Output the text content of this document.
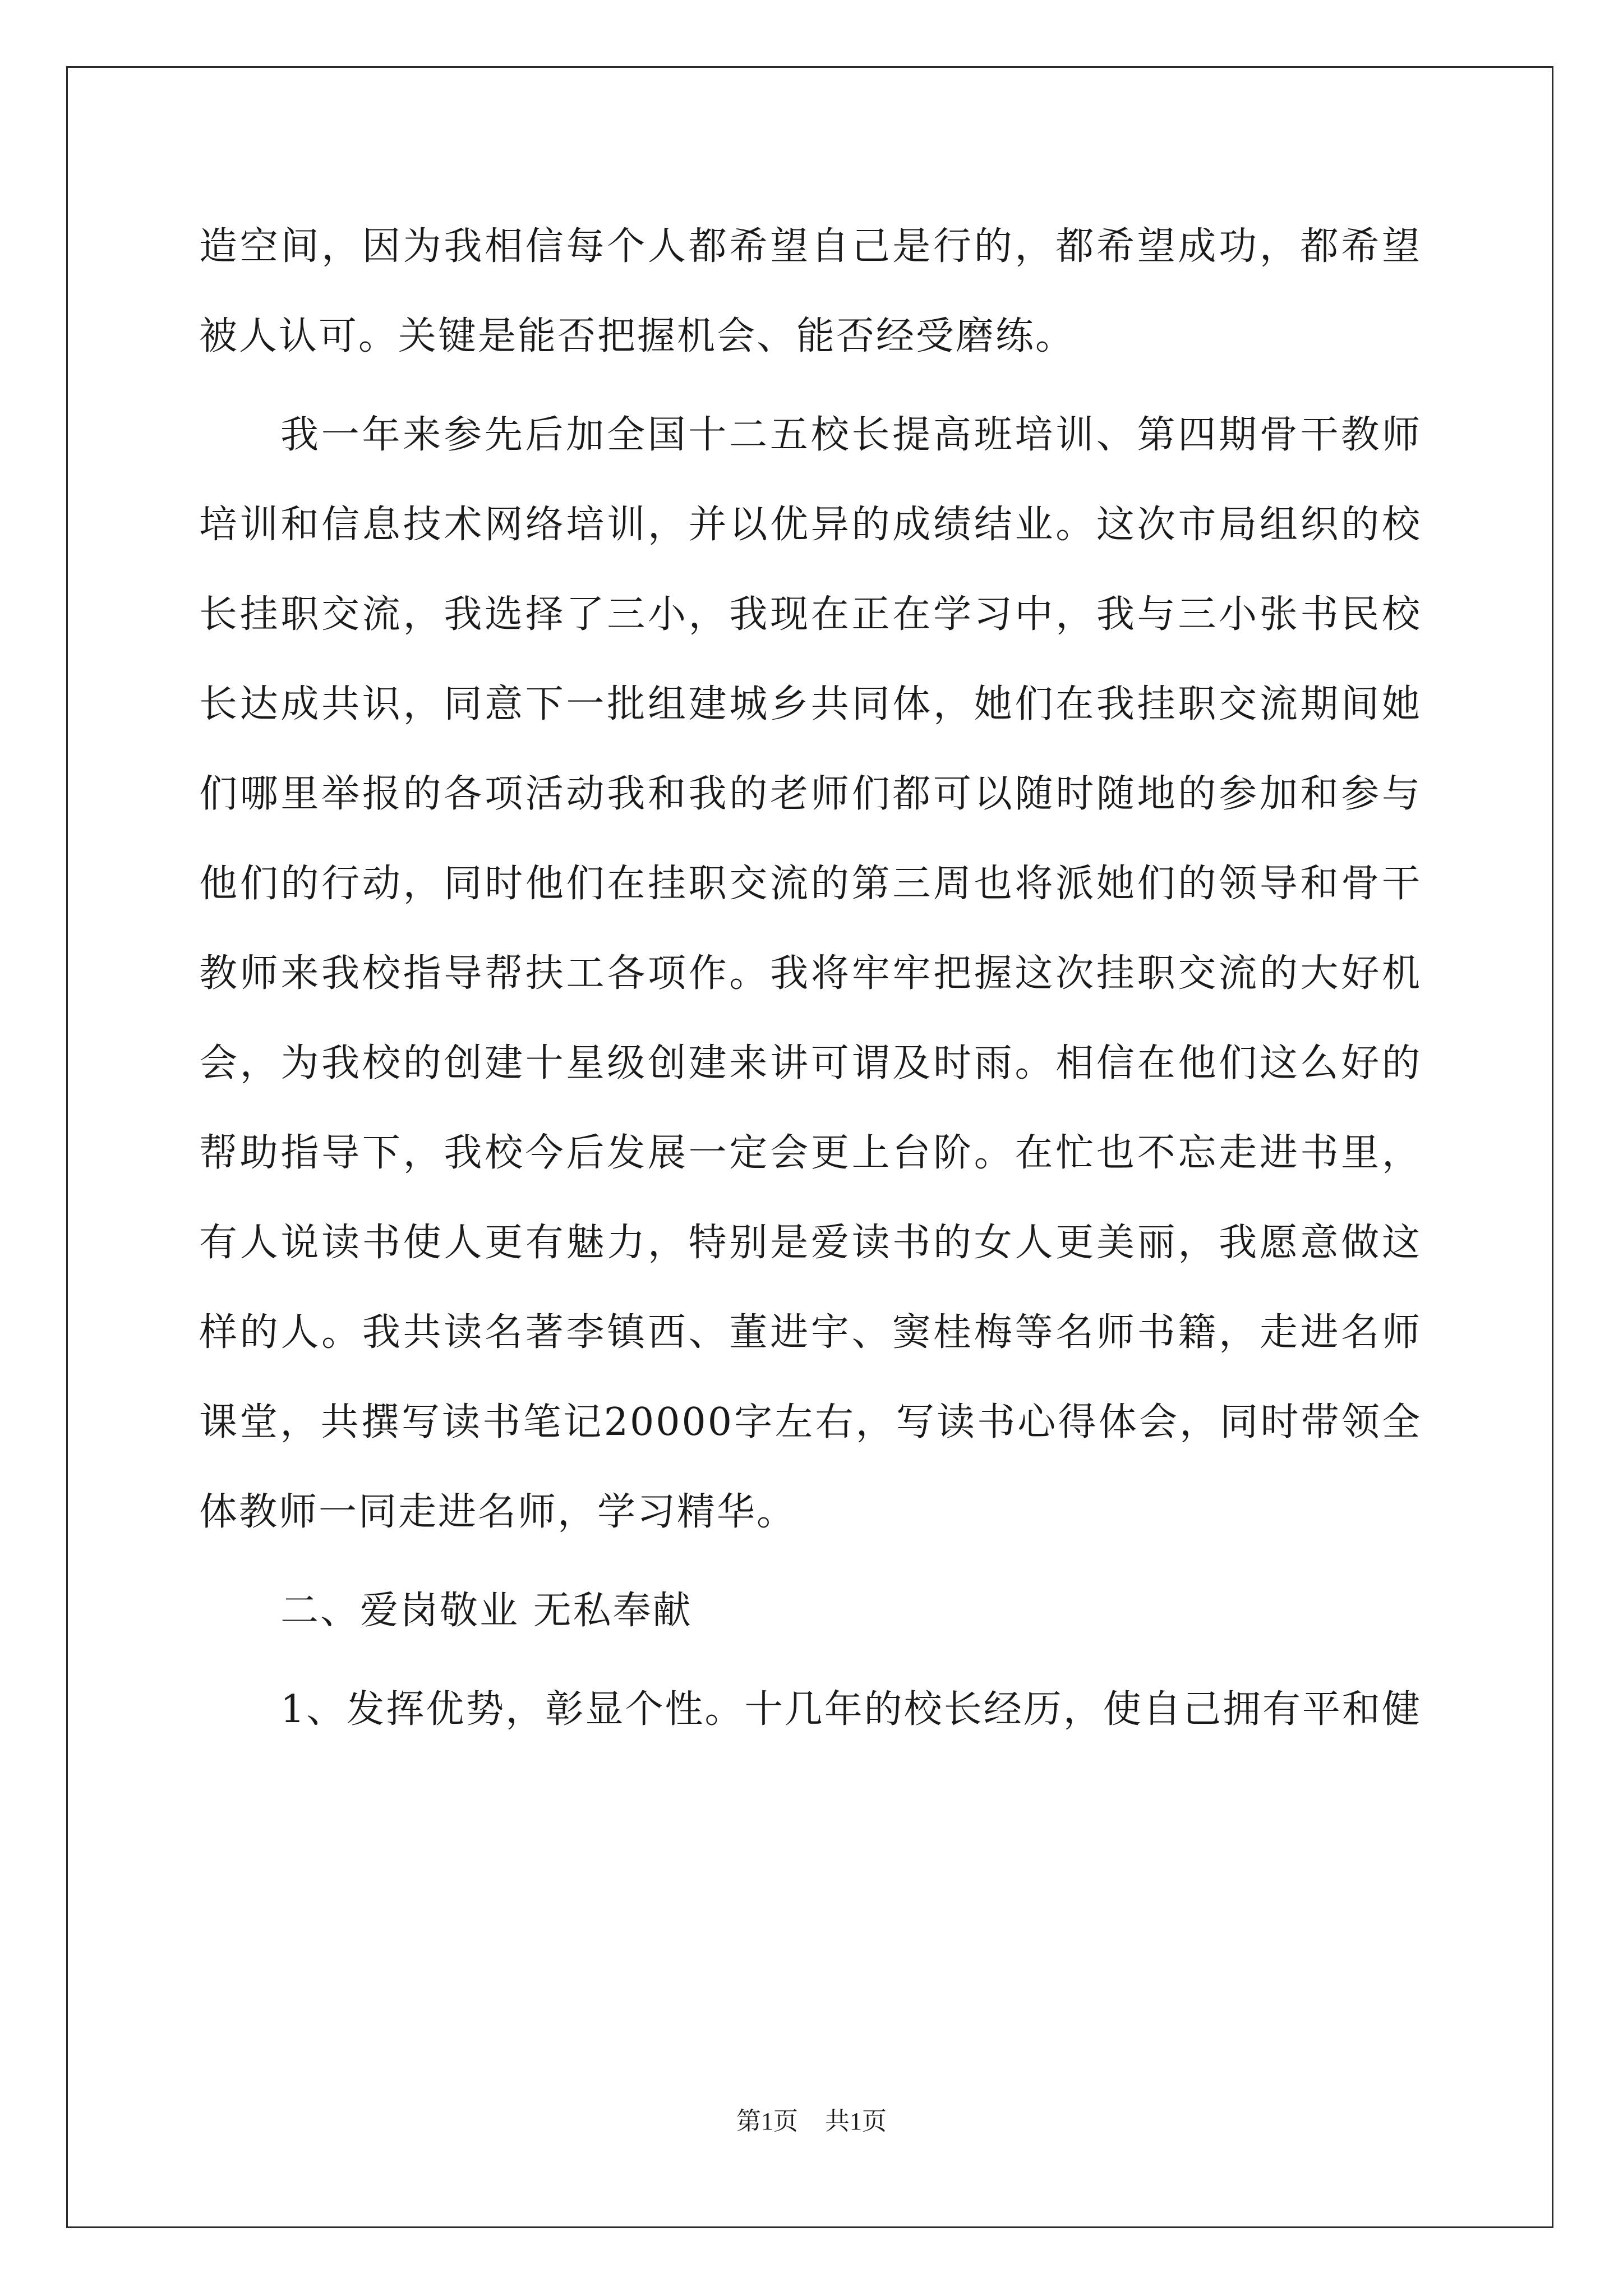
造空间，因为我相信每个人都希望自己是行的，都希望成功，都希望
被人认可。关键是能否把握机会、能否经受磨练。
我一年来参先后加全国十二五校长提高班培训、第四期骨干教师
培训和信息技术网络培训，并以优异的成绩结业。这次市局组织的校
长挂职交流，我选择了三小，我现在正在学习中，我与三小张书民校
长达成共识，同意下一批组建城乡共同体，她们在我挂职交流期间她
们哪里举报的各项活动我和我的老师们都可以随时随地的参加和参与
他们的行动，同时他们在挂职交流的第三周也将派她们的领导和骨干
教师来我校指导帮扶工各项作。我将牢牢把握这次挂职交流的大好机
会，为我校的创建十星级创建来讲可谓及时雨。相信在他们这么好的
帮助指导下，我校今后发展一定会更上台阶。在忙也不忘走进书里，
有人说读书使人更有魅力，特别是爱读书的女人更美丽，我愿意做这
样的人。我共读名著李镇西、董进宇、窦桂梅等名师书籍，走进名师
课堂，共撰写读书笔记20000字左右，写读书心得体会，同时带领全
体教师一同走进名师，学习精华。
二、爱岗敬业 无私奉献
1、发挥优势，彰显个性。十几年的校长经历，使自己拥有平和健
第1页 共1页
